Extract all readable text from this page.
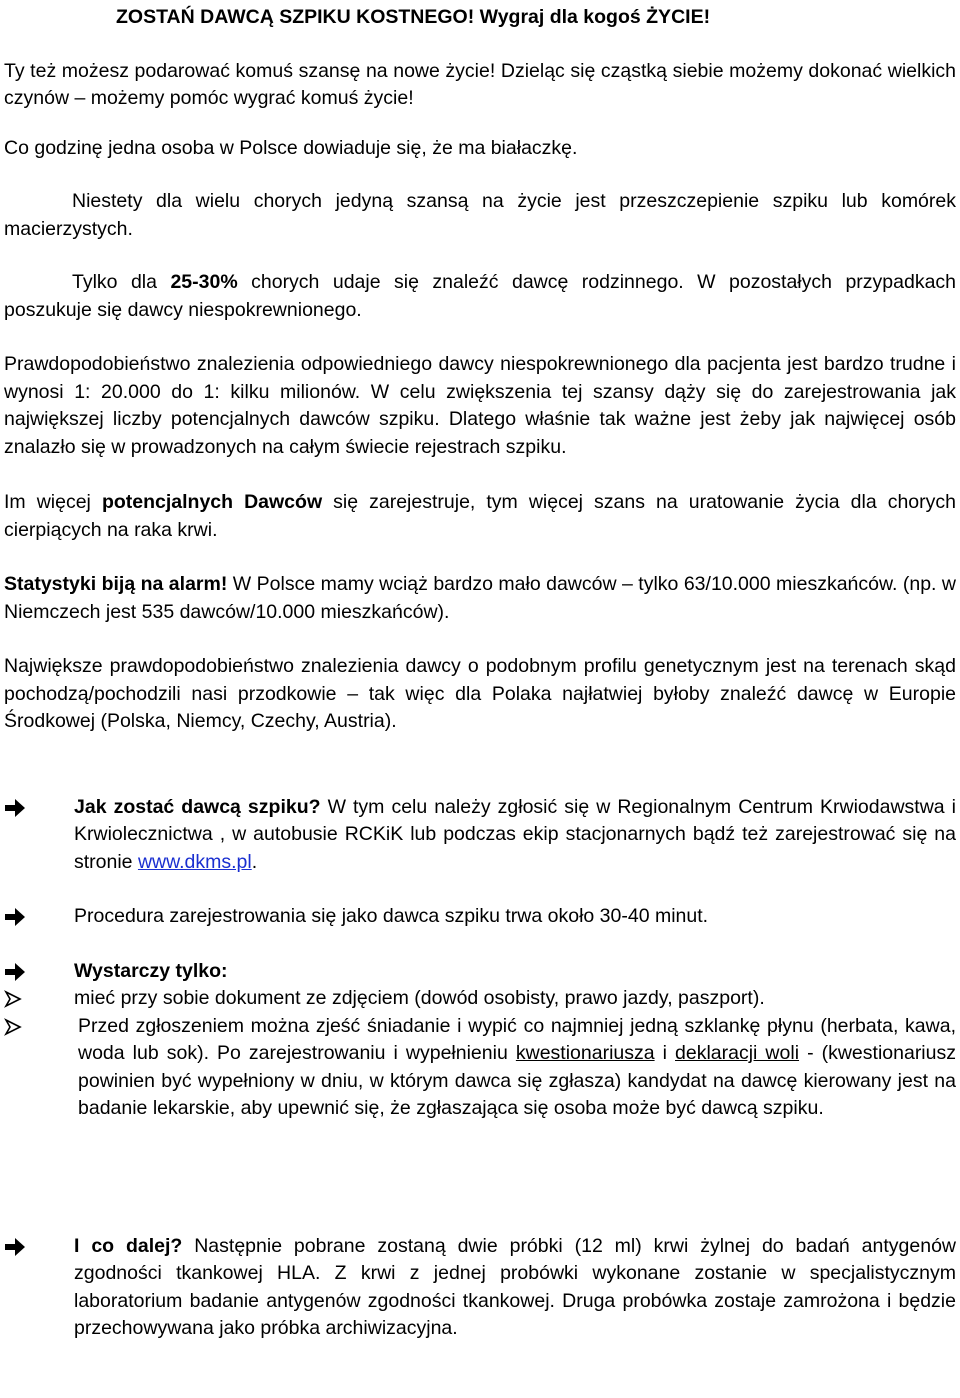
ZOSTAŃ DAWCĄ SZPIKU KOSTNEGO! Wygraj dla kogoś ŻYCIE!

Ty też możesz podarować komuś szansę na nowe życie! Dzieląc się cząstką siebie możemy dokonać wielkich czynów – możemy pomóc wygrać komuś życie!

Co godzinę jedna osoba w Polsce dowiaduje się, że ma białaczkę.

Niestety dla wielu chorych jedyną szansą na życie jest przeszczepienie szpiku lub komórek macierzystych.

Tylko dla 25-30% chorych udaje się znaleźć dawcę rodzinnego. W pozostałych przypadkach poszukuje się dawcy niespokrewnionego.

Prawdopodobieństwo znalezienia odpowiedniego dawcy niespokrewnionego dla pacjenta jest bardzo trudne i wynosi 1: 20.000 do 1: kilku milionów. W celu zwiększenia tej szansy dąży się do zarejestrowania jak największej liczby potencjalnych dawców szpiku. Dlatego właśnie tak ważne jest żeby jak najwięcej osób znalazło się w prowadzonych na całym świecie rejestrach szpiku.

Im więcej potencjalnych Dawców się zarejestruje, tym więcej szans na uratowanie życia dla chorych cierpiących na raka krwi.

Statystyki biją na alarm! W Polsce mamy wciąż bardzo mało dawców – tylko 63/10.000 mieszkańców. (np. w Niemczech jest 535 dawców/10.000 mieszkańców).

Największe prawdopodobieństwo znalezienia dawcy o podobnym profilu genetycznym jest na terenach skąd pochodzą/pochodzili nasi przodkowie – tak więc dla Polaka najłatwiej byłoby znaleźć dawcę w Europie Środkowej (Polska, Niemcy, Czechy, Austria).

Jak zostać dawcą szpiku? W tym celu należy zgłosić się w Regionalnym Centrum Krwiodawstwa i Krwiolecznictwa , w autobusie RCKiK lub podczas ekip stacjonarnych bądź też zarejestrować się na stronie www.dkms.pl.

Procedura zarejestrowania się jako dawca szpiku trwa około 30-40 minut.

Wystarczy tylko:

mieć przy sobie dokument ze zdjęciem (dowód osobisty, prawo jazdy, paszport).

Przed zgłoszeniem można zjeść śniadanie i wypić co najmniej jedną szklankę płynu (herbata, kawa, woda lub sok). Po zarejestrowaniu i wypełnieniu kwestionariusza i deklaracji woli - (kwestionariusz powinien być wypełniony w dniu, w którym dawca się zgłasza) kandydat na dawcę kierowany jest na badanie lekarskie, aby upewnić się, że zgłaszająca się osoba może być dawcą szpiku.

I co dalej? Następnie pobrane zostaną dwie próbki (12 ml) krwi żylnej do badań antygenów zgodności tkankowej HLA. Z krwi z jednej probówki wykonane zostanie w specjalistycznym laboratorium badanie antygenów zgodności tkankowej. Druga probówka zostaje zamrożona i będzie przechowywana jako próbka archiwizacyjna.
